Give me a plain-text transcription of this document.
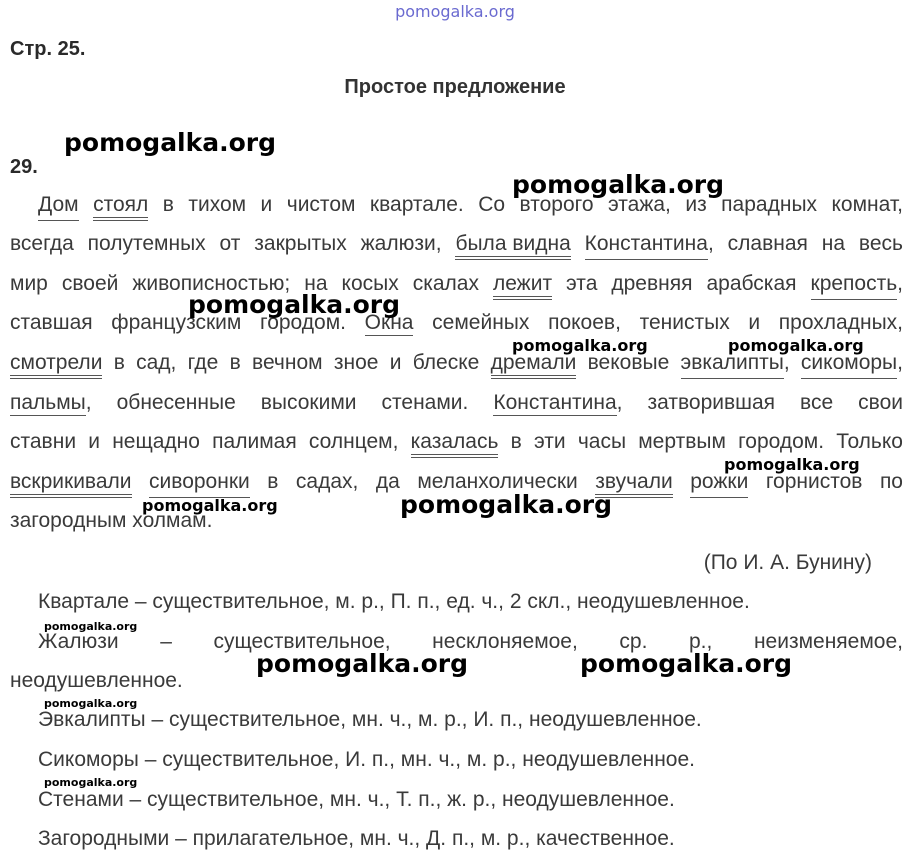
pomogalka.org
Стр. 25.
Простое предложение
29.
Дом
стоял в тихом и чистом квартале. Со второго этажа, из парадных комнат,
всегда полутемных от закрытых жалюзи, была видна
Константина , славная на весь
мир своей живописностью; на косых скалах лежит эта древняя арабская крепость ,
ставшая французским городом. Окна семейных покоев, тенистых и прохладных,
смотрели в сад, где в вечном зное и блеске дремали вековые эвкалипты , сикоморы ,
пальмы , обнесенные высокими стенами. Константина , затворившая все свои
ставни и нещадно палимая солнцем, казалась в эти часы мертвым городом. Только
вскрикивали
сиворонки в садах, да меланхолически звучали
рожки горнистов по
загородным холмам.
(По И. А. Бунину)
Квартале – существительное, м. р., П. п., ед. ч., 2 скл., неодушевленное.
Жалюзи – существительное, несклоняемое, ср. р., неизменяемое,
неодушевленное.
Эвкалипты – существительное, мн. ч., м. р., И. п., неодушевленное.
Сикоморы – существительное, И. п., мн. ч., м. р., неодушевленное.
Стенами – существительное, мн. ч., Т. п., ж. р., неодушевленное.
Загородными – прилагательное, мн. ч., Д. п., м. р., качественное.
pomogalka.org
pomogalka.org
pomogalka.org
pomogalka.org	pomogalka.org
pomogalka.org
pomogalka.org	pomogalka.org
pomogalka.org
pomogalka.org	pomogalka.org
pomogalka.org
pomogalka.org
